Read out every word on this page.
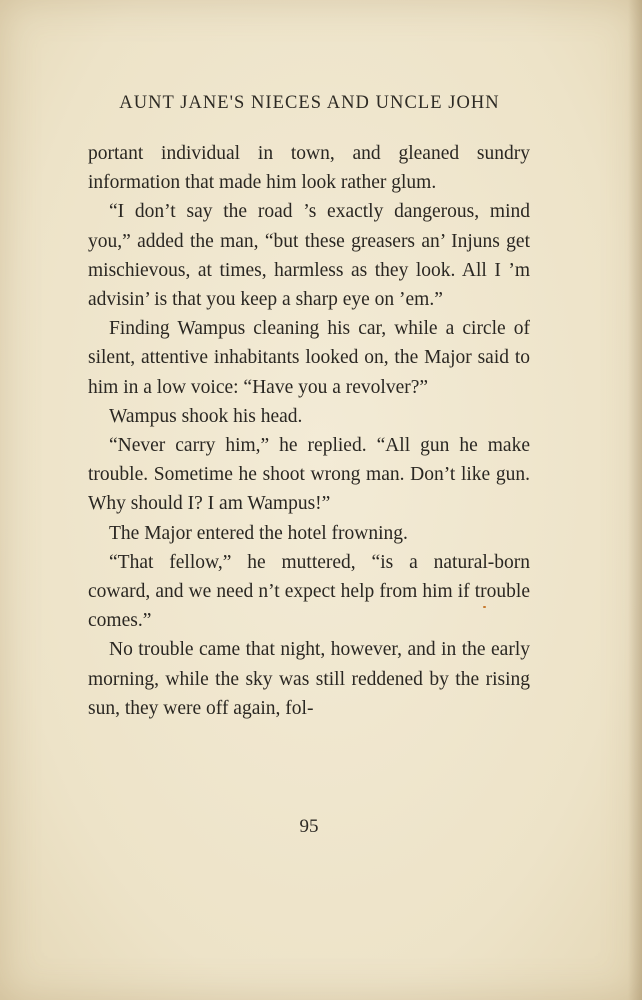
AUNT JANE'S NIECES AND UNCLE JOHN

portant individual in town, and gleaned sundry information that made him look rather glum.

“I don’t say the road ’s exactly dangerous, mind you,” added the man, “but these greasers an’ Injuns get mischievous, at times, harmless as they look. All I ’m advisin’ is that you keep a sharp eye on ’em.”

Finding Wampus cleaning his car, while a circle of silent, attentive inhabitants looked on, the Major said to him in a low voice: “Have you a revolver?”

Wampus shook his head.

“Never carry him,” he replied. “All gun he make trouble. Sometime he shoot wrong man. Don’t like gun. Why should I? I am Wampus!”

The Major entered the hotel frowning.

“That fellow,” he muttered, “is a natural-born coward, and we need n’t expect help from him if trouble comes.”

No trouble came that night, however, and in the early morning, while the sky was still reddened by the rising sun, they were off again, fol-

95
